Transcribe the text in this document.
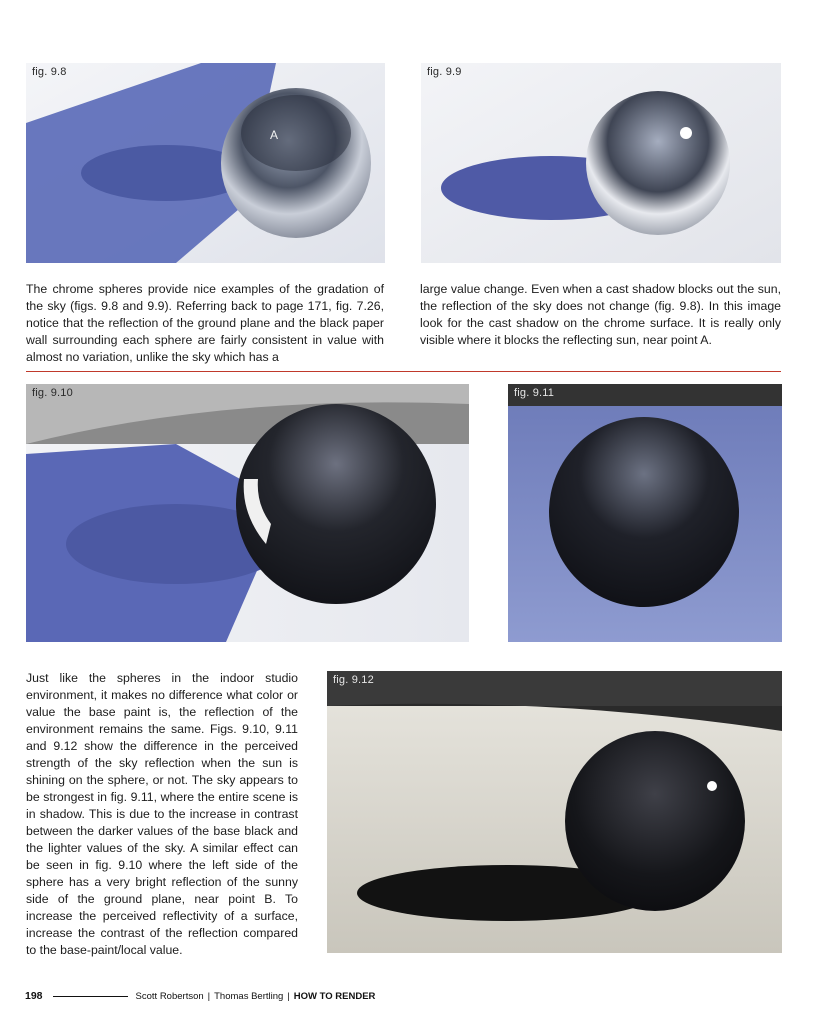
fig. 9.8
A
fig. 9.9
The chrome spheres provide nice examples of the gradation of the sky (figs. 9.8 and 9.9). Referring back to page 171, fig. 7.26, notice that the reflection of the ground plane and the black paper wall surrounding each sphere are fairly consistent in value with almost no variation, unlike the sky which has a
large value change. Even when a cast shadow blocks out the sun, the reflection of the sky does not change (fig. 9.8). In this image look for the cast shadow on the chrome surface. It is really only visible where it blocks the reflecting sun, near point A.
fig. 9.10
B
fig. 9.11
Just like the spheres in the indoor studio environment, it makes no difference what color or value the base paint is, the reflection of the environment remains the same. Figs. 9.10, 9.11 and 9.12 show the difference in the perceived strength of the sky reflection when the sun is shining on the sphere, or not. The sky appears to be strongest in fig. 9.11, where the entire scene is in shadow. This is due to the increase in contrast between the darker values of the base black and the lighter values of the sky. A similar effect can be seen in fig. 9.10 where the left side of the sphere has a very bright reflection of the sunny side of the ground plane, near point B. To increase the perceived reflectivity of a surface, increase the contrast of the reflection compared to the base-paint/local value.
fig. 9.12
198	Scott Robertson | Thomas Bertling | HOW TO RENDER
